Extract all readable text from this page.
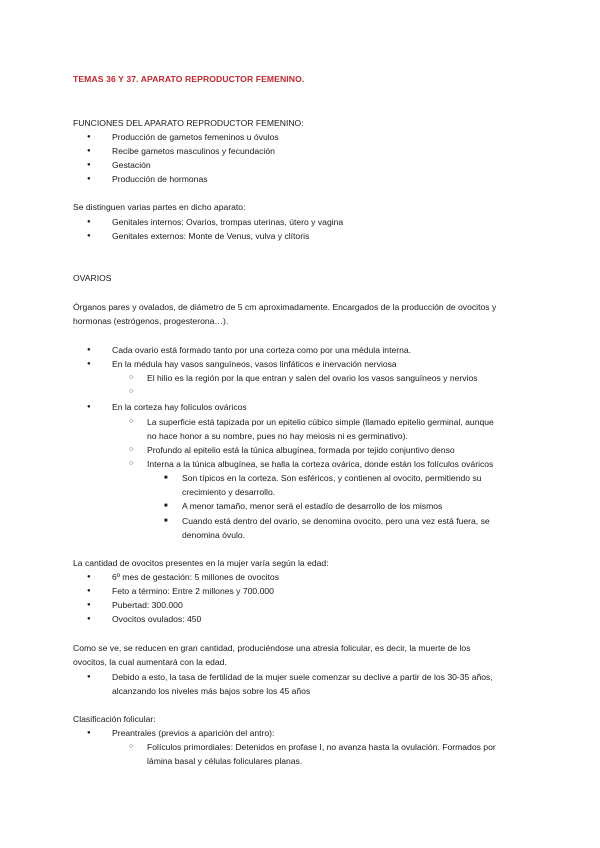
TEMAS 36 Y 37. APARATO REPRODUCTOR FEMENINO.
FUNCIONES DEL APARATO REPRODUCTOR FEMENINO:
● Producción de gametos femeninos u óvulos
● Recibe gametos masculinos y fecundación
● Gestación
● Producción de hormonas
Se distinguen varias partes en dicho aparato:
● Genitales internos: Ovarios, trompas uterinas, útero y vagina
● Genitales externos: Monte de Venus, vulva y clítoris
OVARIOS
Órganos pares y ovalados, de diámetro de 5 cm aproximadamente. Encargados de la producción de ovocitos y
hormonas (estrógenos, progesterona…).
● Cada ovario está formado tanto por una corteza como por una médula interna.
● En la médula hay vasos sanguíneos, vasos linfáticos e inervación nerviosa
○ El hilio es la región por la que entran y salen del ovario los vasos sanguíneos y nervios
● En la corteza hay folículos ováricos
○ La superficie está tapizada por un epitelio cúbico simple (llamado epitelio germinal, aunque
no hace honor a su nombre, pues no hay meiosis ni es germinativo).
○ Profundo al epitelio está la túnica albugínea, formada por tejido conjuntivo denso
○ Interna a la túnica albugínea, se halla la corteza ovárica, donde están los folículos ováricos
■ Son típicos en la corteza. Son esféricos, y contienen al ovocito, permitiendo su
crecimiento y desarrollo.
■ A menor tamaño, menor será el estadío de desarrollo de los mismos
■ Cuando está dentro del ovario, se denomina ovocito, pero una vez está fuera, se
denomina óvulo.
La cantidad de ovocitos presentes en la mujer varía según la edad:
● 6º mes de gestación: 5 millones de ovocitos
● Feto a término: Entre 2 millones y 700.000
● Pubertad: 300.000
● Ovocitos ovulados: 450
Como se ve, se reducen en gran cantidad, produciéndose una atresia folicular, es decir, la muerte de los
ovocitos, la cual aumentará con la edad.
● Debido a esto, la tasa de fertilidad de la mujer suele comenzar su declive a partir de los 30-35 años,
alcanzando los niveles más bajos sobre los 45 años
Clasificación folicular:
● Preantrales (previos a aparición del antro):
○ Folículos primordiales: Detenidos en profase I, no avanza hasta la ovulación. Formados por
lámina basal y células foliculares planas.
